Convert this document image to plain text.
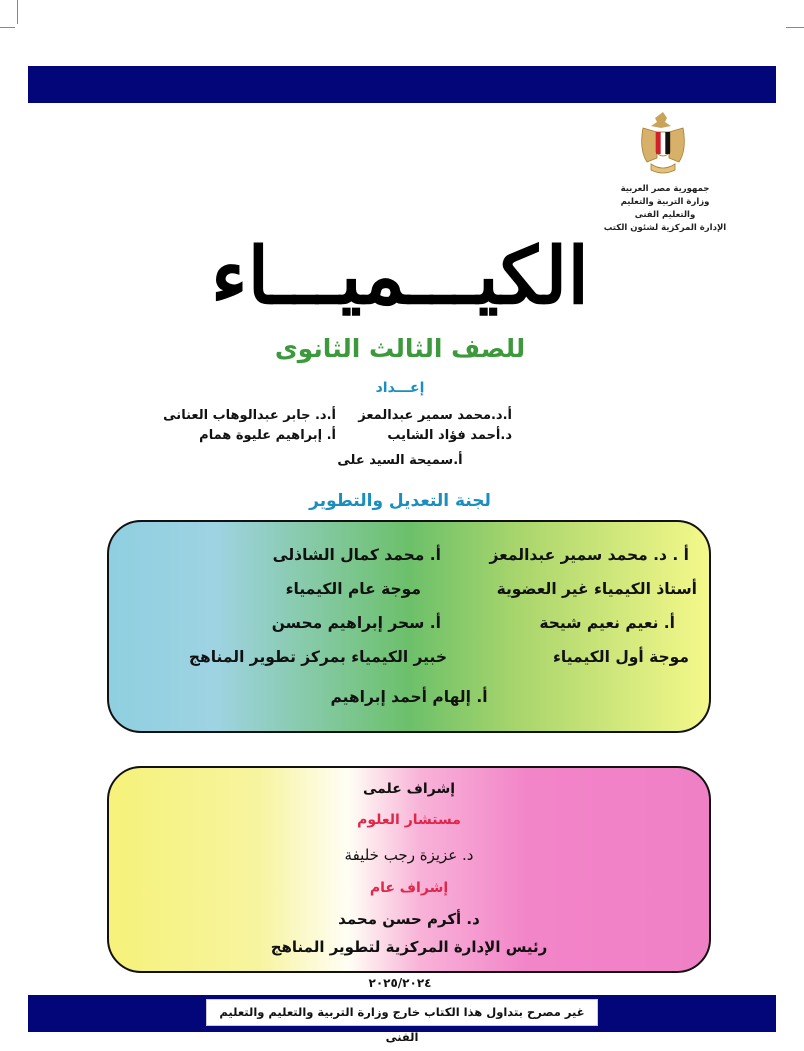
جمهورية مصر العربية
وزارة التربية والتعليم
والتعليم الفنى
الإدارة المركزية لشئون الكتب
الكيـــميـــاء
للصف الثالث الثانوى
إعـــداد
أ.د.محمد سمير عبدالمعز
أ.د. جابر عبدالوهاب العنانى
د.أحمد فؤاد الشايب
أ. إبراهيم عليوة همام
أ.سميحة السيد على
لجنة التعديل والتطوير
أ . د. محمد سمير عبدالمعز
أ. محمد كمال الشاذلى
أستاذ الكيمياء غير العضوية
موجة عام الكيمياء
أ. نعيم نعيم شيحة
أ. سحر إبراهيم محسن
موجة أول الكيمياء
خبير الكيمياء بمركز تطوير المناهج
أ. إلهام أحمد إبراهيم
إشراف علمى
مستشار العلوم
د. عزيزة رجب خليفة
إشراف عام
د. أكرم حسن محمد
رئيس الإدارة المركزية لتطوير المناهج
٢٠٢٥/٢٠٢٤
غير مصرح بتداول هذا الكتاب خارج وزارة التربية والتعليم والتعليم الفنى
